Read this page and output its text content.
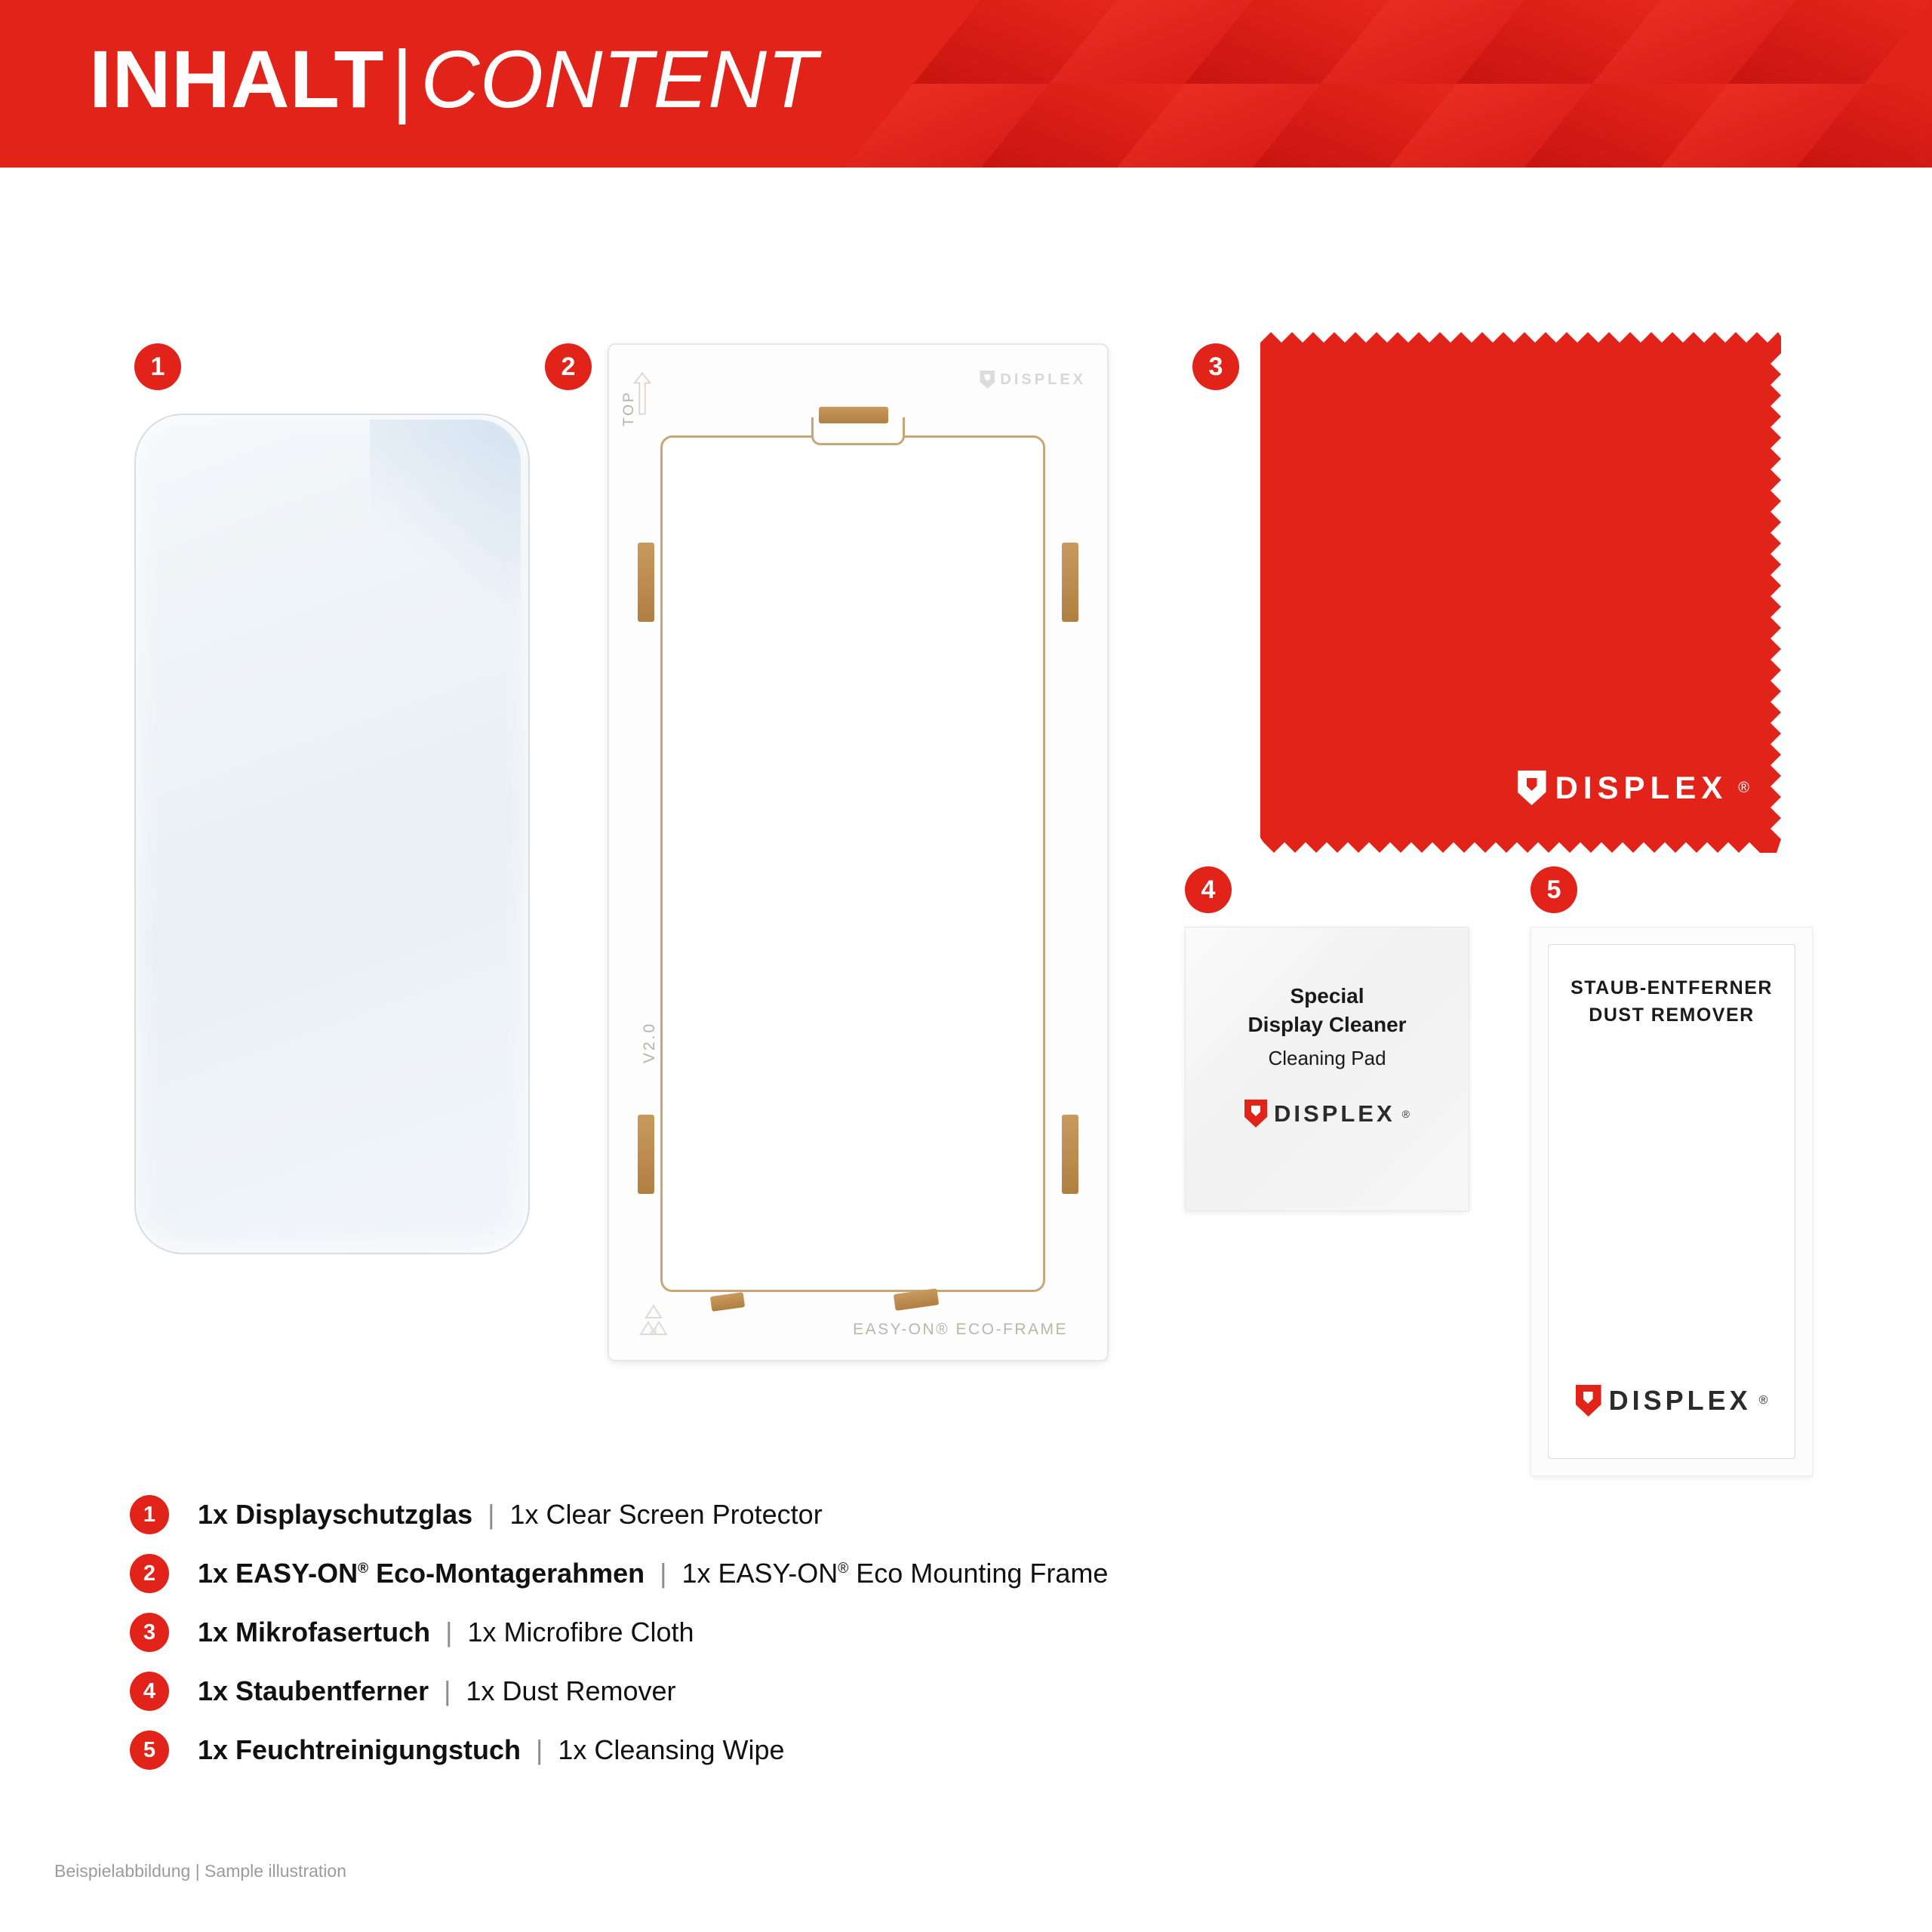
INHALT|CONTENT
1	2	DISPLEX
TOP
V2.0
21	EASY-ON® ECO-FRAME
3
DISPLEX ®
4
Special
Display Cleaner
Cleaning Pad
DISPLEX ®
5
STAUB-ENTFERNER
DUST REMOVER
DISPLEX ®
1	1x Displayschutzglas | 1x Clear Screen Protector
2	1x EASY-ON® Eco-Montagerahmen | 1x EASY-ON® Eco Mounting Frame
3	1x Mikrofasertuch | 1x Microfibre Cloth
4	1x Staubentferner | 1x Dust Remover
5	1x Feuchtreinigungstuch | 1x Cleansing Wipe
Beispielabbildung | Sample illustration
